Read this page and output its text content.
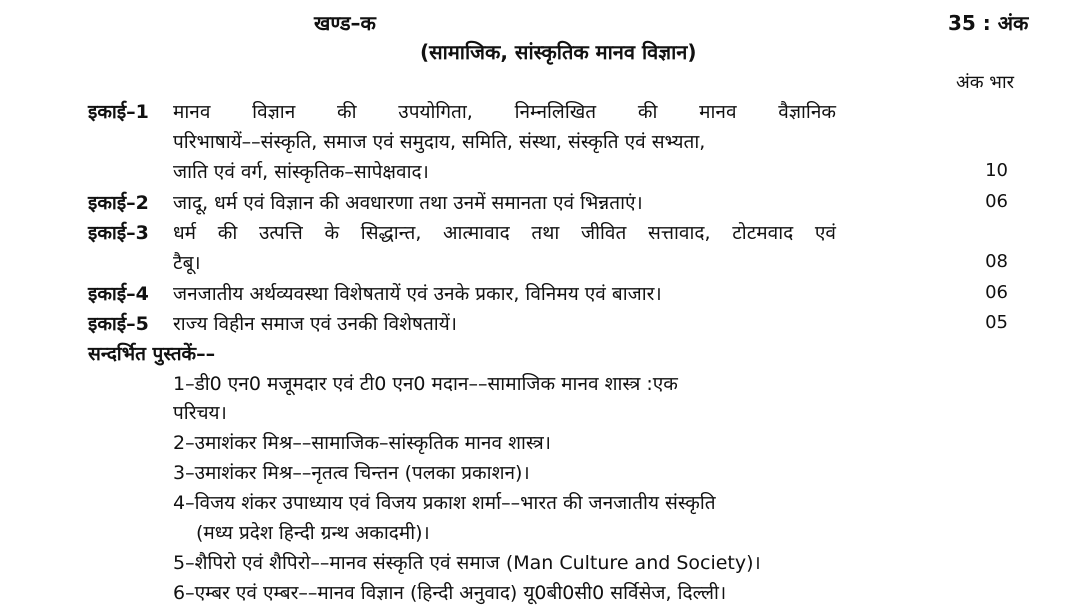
खण्ड–क	35 : अंक
(सामाजिक, सांस्कृतिक मानव विज्ञान)
अंक भार
इकाई–1 मानव विज्ञान की उपयोगिता, निम्नलिखित की मानव वैज्ञानिक
परिभाषायें––संस्कृति, समाज एवं समुदाय, समिति, संस्था, संस्कृति एवं सभ्यता,
जाति एवं वर्ग, सांस्कृतिक–सापेक्षवाद।	10
इकाई–2 जादू, धर्म एवं विज्ञान की अवधारणा तथा उनमें समानता एवं भिन्नताएं।	06
इकाई–3 धर्म की उत्पत्ति के सिद्धान्त, आत्मावाद तथा जीवित सत्तावाद, टोटमवाद एवं
टैबू।	08
इकाई–4 जनजातीय अर्थव्यवस्था विशेषतायें एवं उनके प्रकार, विनिमय एवं बाजार।	06
इकाई–5 राज्य विहीन समाज एवं उनकी विशेषतायें।	05
सन्दर्भित पुस्तकें––
1–डी0 एन0 मजूमदार एवं टी0 एन0 मदान––सामाजिक मानव शास्त्र :एक
परिचय।
2–उमाशंकर मिश्र––सामाजिक–सांस्कृतिक मानव शास्त्र।
3–उमाशंकर मिश्र––नृतत्व चिन्तन (पलका प्रकाशन)।
4–विजय शंकर उपाध्याय एवं विजय प्रकाश शर्मा––भारत की जनजातीय संस्कृति
(मध्य प्रदेश हिन्दी ग्रन्थ अकादमी)।
5–शैपिरो एवं शैपिरो––मानव संस्कृति एवं समाज (Man Culture and Society)।
6–एम्बर एवं एम्बर––मानव विज्ञान (हिन्दी अनुवाद) यू0बी0सी0 सर्विसेज, दिल्ली।
